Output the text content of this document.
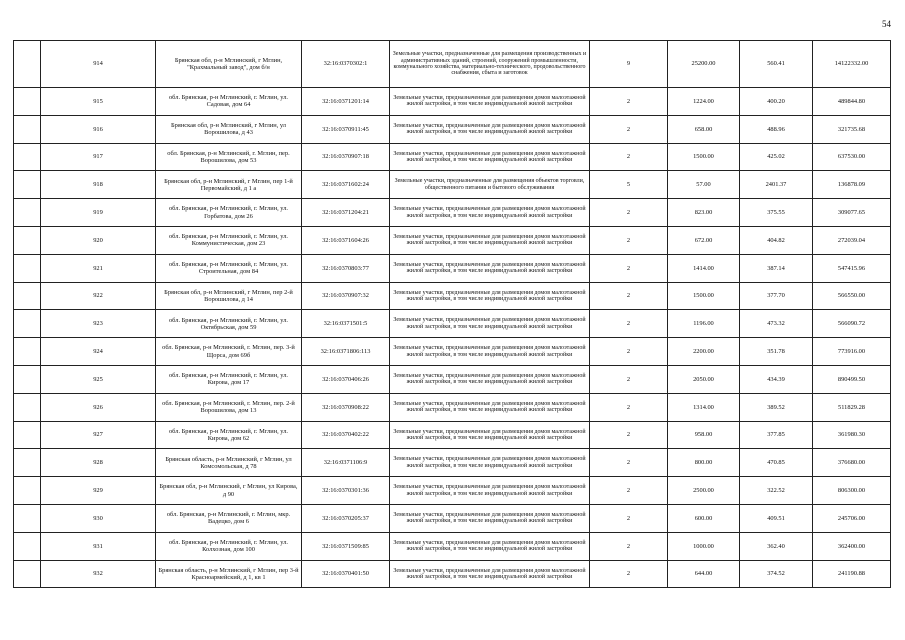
54
	914	Брянская обл, р-н Мглинский, г Мглин, "Крахмальный завод", дом б/н	32:16:0370302:1	Земельные участки, предназначенные для размещения производственных и административных зданий, строений, сооружений промышленности, коммунального хозяйства, материально-технического, продовольственного снабжения, сбыта и заготовок	9	25200.00	560.41	14122332.00
	915	обл. Брянская, р-н Мглинский, г. Мглин, ул. Садовая, дом 64	32:16:0371201:14	Земельные участки, предназначенные для размещения домов малоэтажной жилой застройки, в том числе индивидуальной жилой застройки	2	1224.00	400.20	489844.80
	916	Брянская обл, р-н Мглинский, г Мглин, ул Ворошилова, д 43	32:16:0370911:45	Земельные участки, предназначенные для размещения домов малоэтажной жилой застройки, в том числе индивидуальной жилой застройки	2	658.00	488.96	321735.68
	917	обл. Брянская, р-н Мглинский, г. Мглин, пер. Ворошилова, дом 53	32:16:0370907:18	Земельные участки, предназначенные для размещения домов малоэтажной жилой застройки, в том числе индивидуальной жилой застройки	2	1500.00	425.02	637530.00
	918	Брянская обл, р-н Мглинский, г Мглин, пер 1-й Первомайский, д 1 а	32:16:0371602:24	Земельные участки, предназначенные для размещения объектов торговли, общественного питания и бытового обслуживания	5	57.00	2401.37	136878.09
	919	обл. Брянская, р-н Мглинский, г. Мглин, ул. Горбатова, дом 26	32:16:0371204:21	Земельные участки, предназначенные для размещения домов малоэтажной жилой застройки, в том числе индивидуальной жилой застройки	2	823.00	375.55	309077.65
	920	обл. Брянская, р-н Мглинский, г. Мглин, ул. Коммунистическая, дом 23	32:16:0371604:26	Земельные участки, предназначенные для размещения домов малоэтажной жилой застройки, в том числе индивидуальной жилой застройки	2	672.00	404.82	272039.04
	921	обл. Брянская, р-н Мглинский, г. Мглин, ул. Строительная, дом 84	32:16:0370803:77	Земельные участки, предназначенные для размещения домов малоэтажной жилой застройки, в том числе индивидуальной жилой застройки	2	1414.00	387.14	547415.96
	922	Брянская обл, р-н Мглинский, г Мглин, пер 2-й Ворошилова, д 14	32:16:0370907:32	Земельные участки, предназначенные для размещения домов малоэтажной жилой застройки, в том числе индивидуальной жилой застройки	2	1500.00	377.70	566550.00
	923	обл. Брянская, р-н Мглинский, г. Мглин, ул. Октябрьская, дом 59	32:16:0371501:5	Земельные участки, предназначенные для размещения домов малоэтажной жилой застройки, в том числе индивидуальной жилой застройки	2	1196.00	473.32	566090.72
	924	обл. Брянская, р-н Мглинский, г. Мглин, пер. 3-й Щорса, дом 69б	32:16:0371806:113	Земельные участки, предназначенные для размещения домов малоэтажной жилой застройки, в том числе индивидуальной жилой застройки	2	2200.00	351.78	773916.00
	925	обл. Брянская, р-н Мглинский, г. Мглин, ул. Кирова, дом 17	32:16:0370406:26	Земельные участки, предназначенные для размещения домов малоэтажной жилой застройки, в том числе индивидуальной жилой застройки	2	2050.00	434.39	890499.50
	926	обл. Брянская, р-н Мглинский, г. Мглин, пер. 2-й Ворошилова, дом 13	32:16:0370908:22	Земельные участки, предназначенные для размещения домов малоэтажной жилой застройки, в том числе индивидуальной жилой застройки	2	1314.00	389.52	511829.28
	927	обл. Брянская, р-н Мглинский, г. Мглин, ул. Кирова, дом 62	32:16:0370402:22	Земельные участки, предназначенные для размещения домов малоэтажной жилой застройки, в том числе индивидуальной жилой застройки	2	958.00	377.85	361980.30
	928	Брянская область, р-н Мглинский, г Мглин, ул Комсомольская, д 78	32:16:0371106:9	Земельные участки, предназначенные для размещения домов малоэтажной жилой застройки, в том числе индивидуальной жилой застройки	2	800.00	470.85	376680.00
	929	Брянская обл, р-н Мглинский, г Мглин, ул Кирова, д 90	32:16:0370301:36	Земельные участки, предназначенные для размещения домов малоэтажной жилой застройки, в том числе индивидуальной жилой застройки	2	2500.00	322.52	806300.00
	930	обл. Брянская, р-н Мглинский, г. Мглин, мкр. Вадецко, дом 6	32:16:0370205:37	Земельные участки, предназначенные для размещения домов малоэтажной жилой застройки, в том числе индивидуальной жилой застройки	2	600.00	409.51	245706.00
	931	обл. Брянская, р-н Мглинский, г. Мглин, ул. Колхозная, дом 100	32:16:0371509:85	Земельные участки, предназначенные для размещения домов малоэтажной жилой застройки, в том числе индивидуальной жилой застройки	2	1000.00	362.40	362400.00
	932	Брянская область, р-н Мглинский, г Мглин, пер 3-й Красноармейский, д 1, кв 1	32:16:0370401:50	Земельные участки, предназначенные для размещения домов малоэтажной жилой застройки, в том числе индивидуальной жилой застройки	2	644.00	374.52	241190.88
